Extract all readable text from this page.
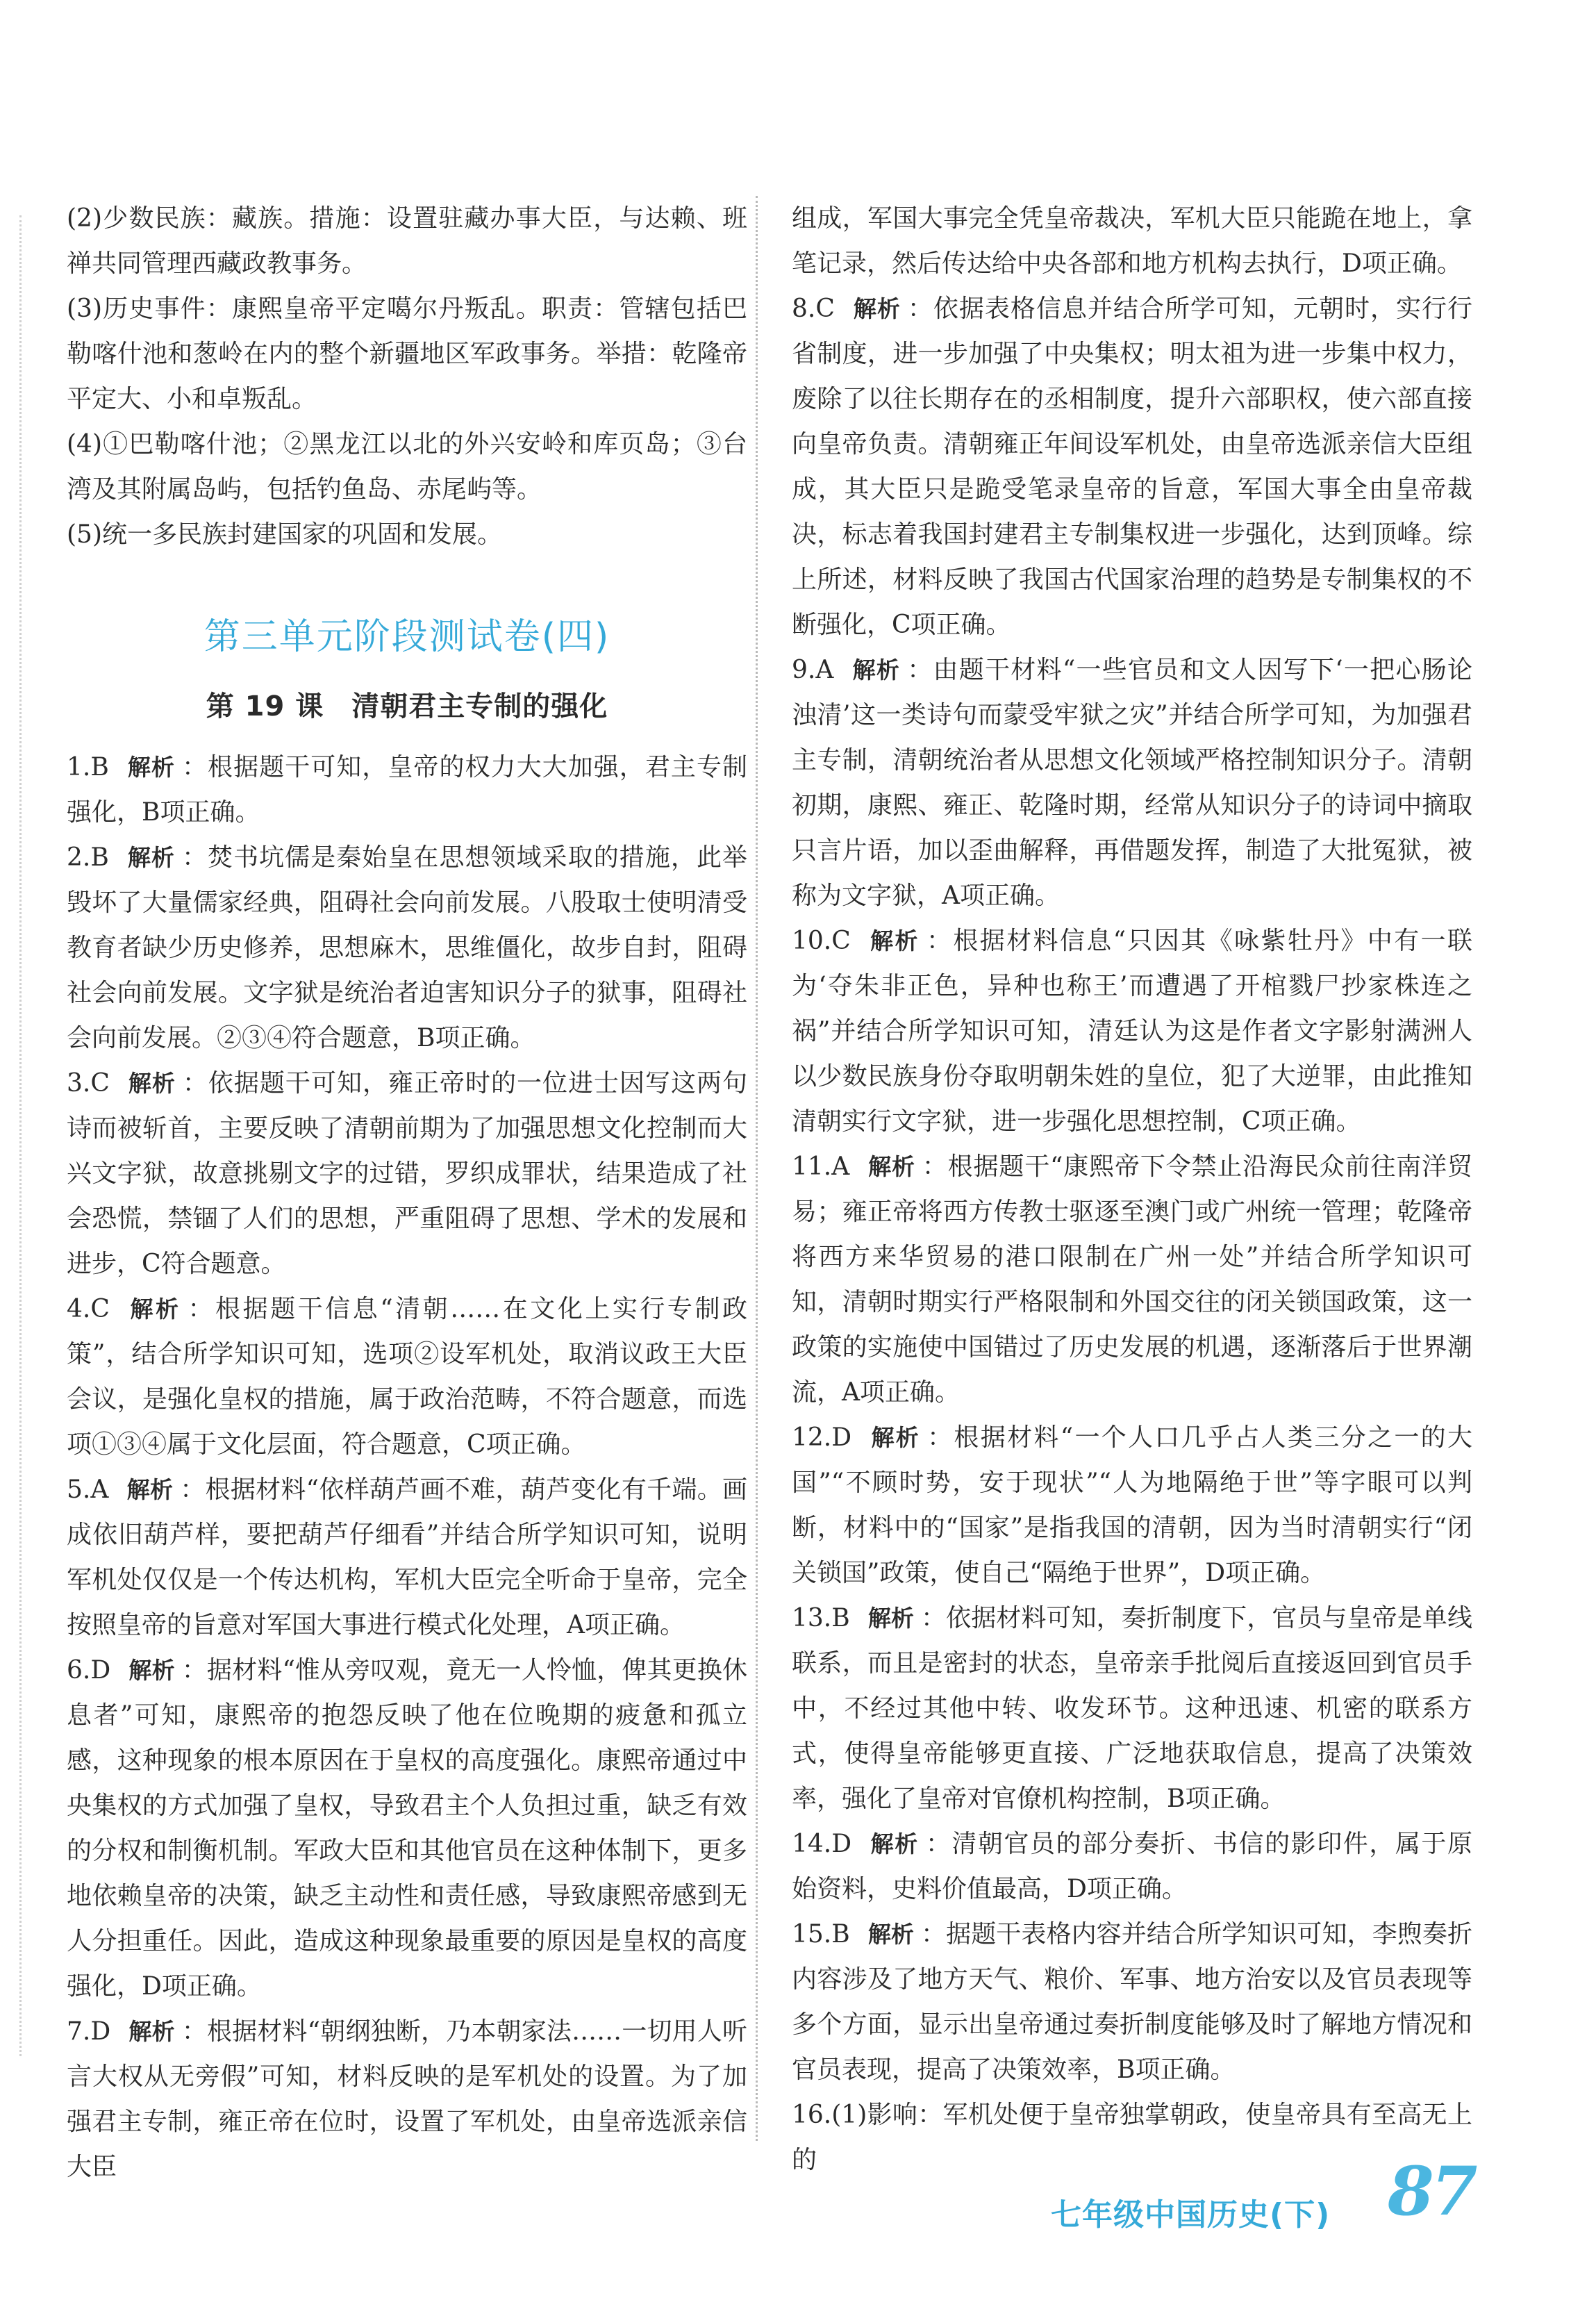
(2)少数民族：藏族。措施：设置驻藏办事大臣，与达赖、班禅共同管理西藏政教事务。

(3)历史事件：康熙皇帝平定噶尔丹叛乱。职责：管辖包括巴勒喀什池和葱岭在内的整个新疆地区军政事务。举措：乾隆帝平定大、小和卓叛乱。

(4)①巴勒喀什池；②黑龙江以北的外兴安岭和库页岛；③台湾及其附属岛屿，包括钓鱼岛、赤尾屿等。

(5)统一多民族封建国家的巩固和发展。

第三单元阶段测试卷(四)
第 19 课 清朝君主专制的强化

1.B 解析 ：根据题干可知，皇帝的权力大大加强，君主专制强化，B项正确。

2.B 解析 ：焚书坑儒是秦始皇在思想领域采取的措施，此举毁坏了大量儒家经典，阻碍社会向前发展。八股取士使明清受教育者缺少历史修养，思想麻木，思维僵化，故步自封，阻碍社会向前发展。文字狱是统治者迫害知识分子的狱事，阻碍社会向前发展。②③④符合题意，B项正确。

3.C 解析 ：依据题干可知，雍正帝时的一位进士因写这两句诗而被斩首，主要反映了清朝前期为了加强思想文化控制而大兴文字狱，故意挑剔文字的过错，罗织成罪状，结果造成了社会恐慌，禁锢了人们的思想，严重阻碍了思想、学术的发展和进步，C符合题意。

4.C 解析 ：根据题干信息“清朝……在文化上实行专制政策”，结合所学知识可知，选项②设军机处，取消议政王大臣会议，是强化皇权的措施，属于政治范畴，不符合题意，而选项①③④属于文化层面，符合题意，C项正确。

5.A 解析 ：根据材料“依样葫芦画不难，葫芦变化有千端。画成依旧葫芦样，要把葫芦仔细看”并结合所学知识可知，说明军机处仅仅是一个传达机构，军机大臣完全听命于皇帝，完全按照皇帝的旨意对军国大事进行模式化处理，A项正确。

6.D 解析 ：据材料“惟从旁叹观，竟无一人怜恤，俾其更换休息者”可知，康熙帝的抱怨反映了他在位晚期的疲惫和孤立感，这种现象的根本原因在于皇权的高度强化。康熙帝通过中央集权的方式加强了皇权，导致君主个人负担过重，缺乏有效的分权和制衡机制。军政大臣和其他官员在这种体制下，更多地依赖皇帝的决策，缺乏主动性和责任感，导致康熙帝感到无人分担重任。因此，造成这种现象最重要的原因是皇权的高度强化，D项正确。

7.D 解析 ：根据材料“朝纲独断，乃本朝家法……一切用人听言大权从无旁假”可知，材料反映的是军机处的设置。为了加强君主专制，雍正帝在位时，设置了军机处，由皇帝选派亲信大臣

组成，军国大事完全凭皇帝裁决，军机大臣只能跪在地上，拿笔记录，然后传达给中央各部和地方机构去执行，D项正确。

8.C 解析 ：依据表格信息并结合所学可知，元朝时，实行行省制度，进一步加强了中央集权；明太祖为进一步集中权力，废除了以往长期存在的丞相制度，提升六部职权，使六部直接向皇帝负责。清朝雍正年间设军机处，由皇帝选派亲信大臣组成，其大臣只是跪受笔录皇帝的旨意，军国大事全由皇帝裁决，标志着我国封建君主专制集权进一步强化，达到顶峰。综上所述，材料反映了我国古代国家治理的趋势是专制集权的不断强化，C项正确。

9.A 解析 ：由题干材料“一些官员和文人因写下‘一把心肠论浊清’这一类诗句而蒙受牢狱之灾”并结合所学可知，为加强君主专制，清朝统治者从思想文化领域严格控制知识分子。清朝初期，康熙、雍正、乾隆时期，经常从知识分子的诗词中摘取只言片语，加以歪曲解释，再借题发挥，制造了大批冤狱，被称为文字狱，A项正确。

10.C 解析 ：根据材料信息“只因其《咏紫牡丹》中有一联为‘夺朱非正色，异种也称王’而遭遇了开棺戮尸抄家株连之祸”并结合所学知识可知，清廷认为这是作者文字影射满洲人以少数民族身份夺取明朝朱姓的皇位，犯了大逆罪，由此推知清朝实行文字狱，进一步强化思想控制，C项正确。

11.A 解析 ：根据题干“康熙帝下令禁止沿海民众前往南洋贸易；雍正帝将西方传教士驱逐至澳门或广州统一管理；乾隆帝将西方来华贸易的港口限制在广州一处”并结合所学知识可知，清朝时期实行严格限制和外国交往的闭关锁国政策，这一政策的实施使中国错过了历史发展的机遇，逐渐落后于世界潮流，A项正确。

12.D 解析 ：根据材料“一个人口几乎占人类三分之一的大国”“不顾时势，安于现状”“人为地隔绝于世”等字眼可以判断，材料中的“国家”是指我国的清朝，因为当时清朝实行“闭关锁国”政策，使自己“隔绝于世界”，D项正确。

13.B 解析 ：依据材料可知，奏折制度下，官员与皇帝是单线联系，而且是密封的状态，皇帝亲手批阅后直接返回到官员手中，不经过其他中转、收发环节。这种迅速、机密的联系方式，使得皇帝能够更直接、广泛地获取信息，提高了决策效率，强化了皇帝对官僚机构控制，B项正确。

14.D 解析 ：清朝官员的部分奏折、书信的影印件，属于原始资料，史料价值最高，D项正确。

15.B 解析 ：据题干表格内容并结合所学知识可知，李煦奏折内容涉及了地方天气、粮价、军事、地方治安以及官员表现等多个方面，显示出皇帝通过奏折制度能够及时了解地方情况和官员表现，提高了决策效率，B项正确。

16.(1)影响：军机处便于皇帝独掌朝政，使皇帝具有至高无上的

七年级中国历史(下) 87
